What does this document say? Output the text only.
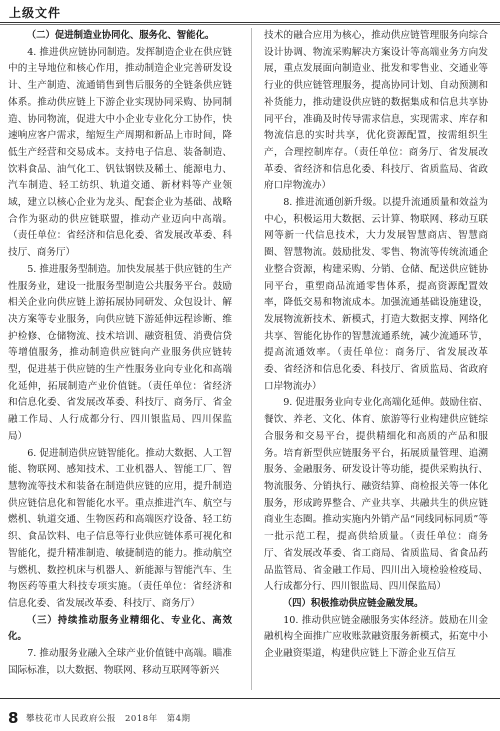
上级文件

（二）促进制造业协同化、服务化、智能化。

4. 推进供应链协同制造。发挥制造企业在供应链中的主导地位和核心作用，推动制造企业完善研发设计、生产制造、流通销售到售后服务的全链条供应链体系。推动供应链上下游企业实现协同采购、协同制造、协同物流，促进大中小企业专业化分工协作，快速响应客户需求，缩短生产周期和新品上市时间，降低生产经营和交易成本。支持电子信息、装备制造、饮料食品、油气化工、钒钛钢铁及稀土、能源电力、汽车制造、轻工纺织、轨道交通、新材料等产业领域，建立以核心企业为龙头、配套企业为基础、战略合作为驱动的供应链联盟，推动产业迈向中高端。（责任单位：省经济和信息化委、省发展改革委、科技厅、商务厅）

5. 推进服务型制造。加快发展基于供应链的生产性服务业，建设一批服务型制造公共服务平台。鼓励相关企业向供应链上游拓展协同研发、众包设计、解决方案等专业服务，向供应链下游延伸远程诊断、维护检修、仓储物流、技术培训、融资租赁、消费信贷等增值服务，推动制造供应链向产业服务供应链转型，促进基于供应链的生产性服务业向专业化和高端化延伸，拓展制造产业价值链。（责任单位：省经济和信息化委、省发展改革委、科技厅、商务厅、省金融工作局、人行成都分行、四川银监局、四川保监局）

6. 促进制造供应链智能化。推动大数据、人工智能、物联网、感知技术、工业机器人、智能工厂、智慧物流等技术和装备在制造供应链的应用，提升制造供应链信息化和智能化水平。重点推进汽车、航空与燃机、轨道交通、生物医药和高端医疗设备、轻工纺织、食品饮料、电子信息等行业供应链体系可视化和智能化，提升精准制造、敏捷制造的能力。推动航空与燃机、数控机床与机器人、新能源与智能汽车、生物医药等重大科技专项实施。（责任单位：省经济和信息化委、省发展改革委、科技厅、商务厅）

（三）持续推动服务业精细化、专业化、高效化。

7. 推动服务业融入全球产业价值链中高端。瞄准国际标准，以大数据、物联网、移动互联网等新兴

技术的融合应用为核心，推动供应链管理服务向综合设计协调、物流采购解决方案设计等高端业务方向发展，重点发展面向制造业、批发和零售业、交通业等行业的供应链管理服务，提高协同计划、自动预测和补货能力，推动建设供应链的数据集成和信息共享协同平台，准确及时传导需求信息，实现需求、库存和物流信息的实时共享，优化资源配置，按需组织生产，合理控制库存。（责任单位：商务厅、省发展改革委、省经济和信息化委、科技厅、省质监局、省政府口岸物流办）

8. 推进流通创新升级。以提升流通质量和效益为中心，积极运用大数据、云计算、物联网、移动互联网等新一代信息技术，大力发展智慧商店、智慧商圈、智慧物流。鼓励批发、零售、物流等传统流通企业整合资源，构建采购、分销、仓储、配送供应链协同平台，重塑商品流通零售体系，提高资源配置效率，降低交易和物流成本。加强流通基础设施建设，发展物流新技术、新模式，打造大数据支撑、网络化共享、智能化协作的智慧流通系统，减少流通环节，提高流通效率。（责任单位：商务厅、省发展改革委、省经济和信息化委、科技厅、省质监局、省政府口岸物流办）

9. 促进服务业向专业化高端化延伸。鼓励住宿、餐饮、养老、文化、体育、旅游等行业构建供应链综合服务和交易平台，提供精细化和高质的产品和服务。培育新型供应链服务平台，拓展质量管理、追溯服务、金融服务、研发设计等功能，提供采购执行、物流服务、分销执行、融资结算、商检报关等一体化服务，形成跨界整合、产业共享、共融共生的供应链商业生态圈。推动实施内外销产品“同线同标同质”等一批示范工程，提高供给质量。（责任单位：商务厅、省发展改革委、省工商局、省质监局、省食品药品监管局、省金融工作局、四川出入境检验检疫局、人行成都分行、四川银监局、四川保监局）

（四）积极推动供应链金融发展。

10. 推动供应链金融服务实体经济。鼓励在川金融机构全面推广应收账款融资服务新模式，拓宽中小企业融资渠道，构建供应链上下游企业互信互

8 攀枝花市人民政府公报　2018年　第4期
